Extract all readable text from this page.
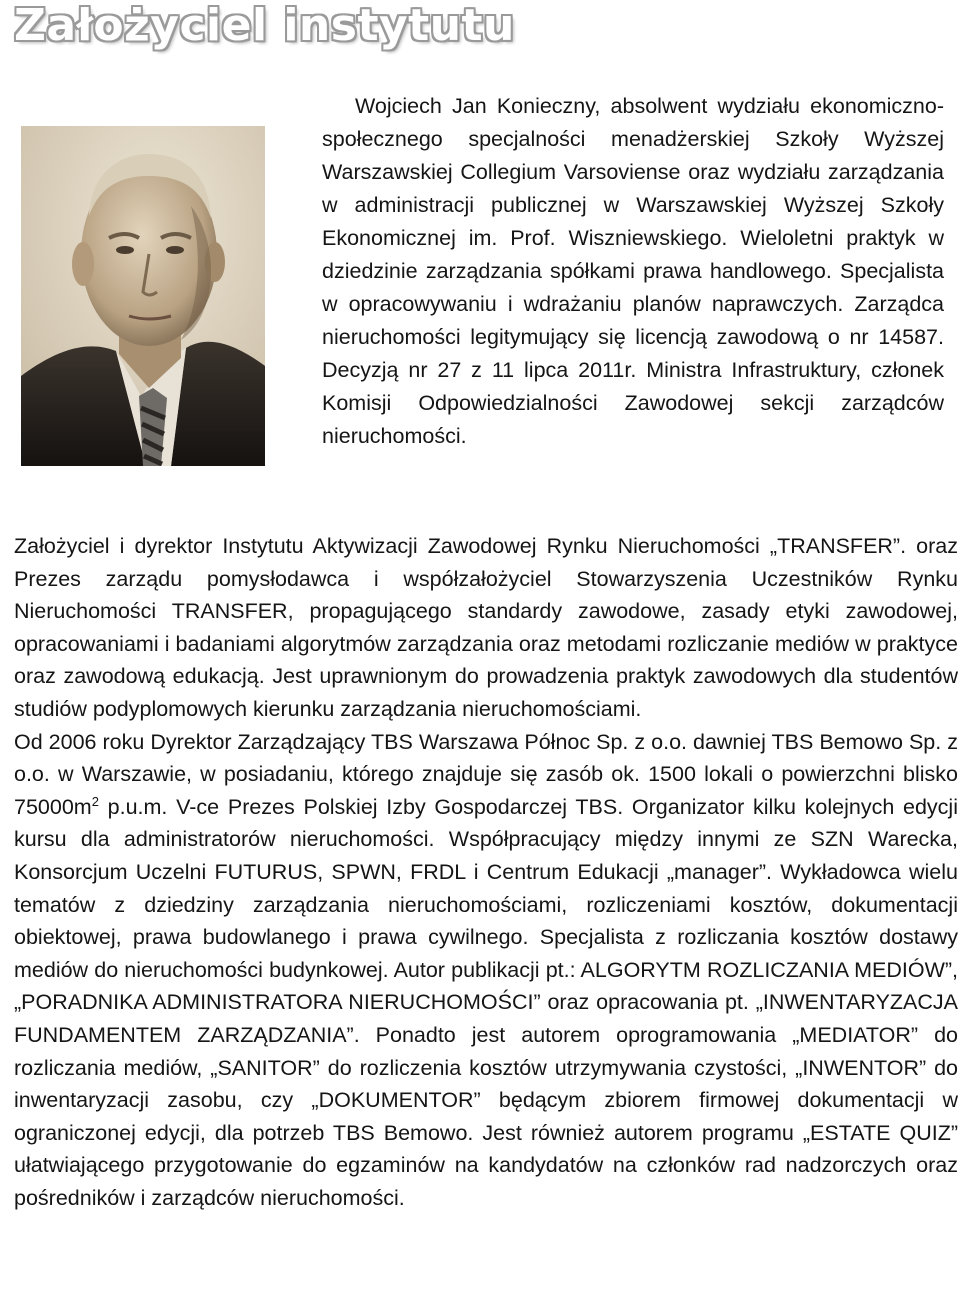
Założyciel instytutu

Wojciech Jan Konieczny, absolwent wydziału ekonomiczno-społecznego specjalności menadżerskiej Szkoły Wyższej Warszawskiej Collegium Varsoviense oraz wydziału zarządzania w administracji publicznej w Warszawskiej Wyższej Szkoły Ekonomicznej im. Prof. Wiszniewskiego. Wieloletni praktyk w dziedzinie zarządzania spółkami prawa handlowego. Specjalista w opracowywaniu i wdrażaniu planów naprawczych. Zarządca nieruchomości legitymujący się licencją zawodową o nr 14587. Decyzją nr 27 z 11 lipca 2011r. Ministra Infrastruktury, członek Komisji Odpowiedzialności Zawodowej sekcji zarządców nieruchomości.

Założyciel i dyrektor Instytutu Aktywizacji Zawodowej Rynku Nieruchomości „TRANSFER”. oraz Prezes zarządu pomysłodawca i współzałożyciel Stowarzyszenia Uczestników Rynku Nieruchomości TRANSFER, propagującego standardy zawodowe, zasady etyki zawodowej, opracowaniami i badaniami algorytmów zarządzania oraz metodami rozliczanie mediów w praktyce oraz zawodową edukacją. Jest uprawnionym do prowadzenia praktyk zawodowych dla studentów studiów podyplomowych kierunku zarządzania nieruchomościami.

Od 2006 roku Dyrektor Zarządzający TBS Warszawa Północ Sp. z o.o. dawniej TBS Bemowo Sp. z o.o. w Warszawie, w posiadaniu, którego znajduje się zasób ok. 1500 lokali o powierzchni blisko $75000m^2$ p.u.m. V-ce Prezes Polskiej Izby Gospodarczej TBS. Organizator kilku kolejnych edycji kursu dla administratorów nieruchomości. Współpracujący między innymi ze SZN Warecka, Konsorcjum Uczelni FUTURUS, SPWN, FRDL i Centrum Edukacji „manager”. Wykładowca wielu tematów z dziedziny zarządzania nieruchomościami, rozliczeniami kosztów, dokumentacji obiektowej, prawa budowlanego i prawa cywilnego. Specjalista z rozliczania kosztów dostawy mediów do nieruchomości budynkowej. Autor publikacji pt.: ALGORYTM ROZLICZANIA MEDIÓW”, „PORADNIKA ADMINISTRATORA NIERUCHOMOŚCI” oraz opracowania pt. „INWENTARYZACJA FUNDAMENTEM ZARZĄDZANIA”. Ponadto jest autorem oprogramowania „MEDIATOR” do rozliczania mediów, „SANITOR” do rozliczenia kosztów utrzymywania czystości, „INWENTOR” do inwentaryzacji zasobu, czy „DOKUMENTOR” będącym zbiorem firmowej dokumentacji w ograniczonej edycji, dla potrzeb TBS Bemowo. Jest również autorem programu „ESTATE QUIZ” ułatwiającego przygotowanie do egzaminów na kandydatów na członków rad nadzorczych oraz pośredników i zarządców nieruchomości.
